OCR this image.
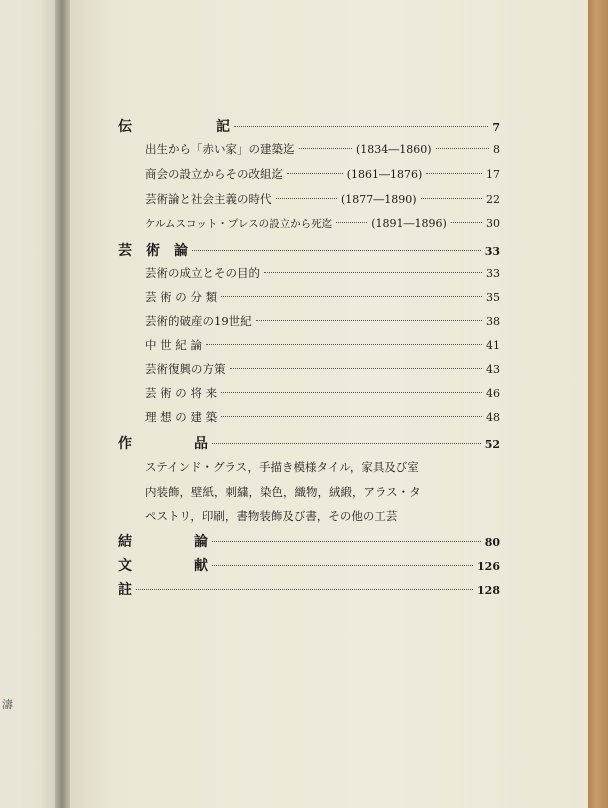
濤
伝	記	7
出生から「赤い家」の建築迄	(1834―1860)	8
商会の設立からその改組迄	(1861―1876)	17
芸術論と社会主義の時代	(1877―1890)	22
ケルムスコット・プレスの設立から死迄	(1891―1896)	30
芸 術 論	33
芸術の成立とその目的	33
芸 術 の 分 類	35
芸術的破産の19世紀	38
中 世 紀 論	41
芸術復興の方策	43
芸 術 の 将 来	46
理 想 の 建 築	48
作	品	52
ステインド・グラス，手描き模様タイル，家具及び室
内装飾，壁紙，刺繍，染色，織物，絨緞，アラス・タ
ペストリ，印刷，書物装飾及び書，その他の工芸
結	論	80
文	献	126
註	128
